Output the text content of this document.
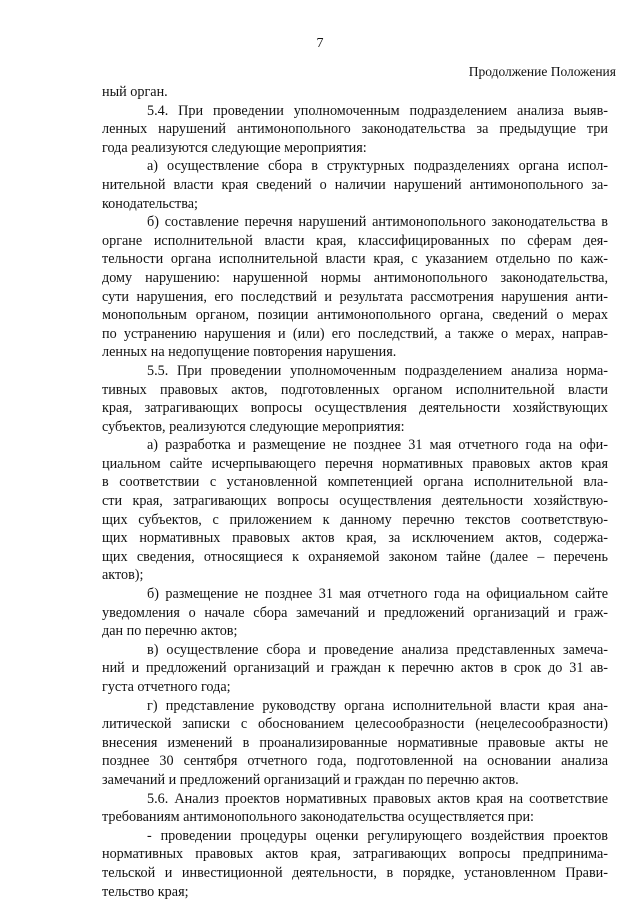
7
Продолжение Положения
ный орган.
5.4. При проведении уполномоченным подразделением анализа выяв-
ленных нарушений антимонопольного законодательства за предыдущие три
года реализуются следующие мероприятия:
а) осуществление сбора в структурных подразделениях органа испол-
нительной власти края сведений о наличии нарушений антимонопольного за-
конодательства;
б) составление перечня нарушений антимонопольного законодательства в
органе исполнительной власти края, классифицированных по сферам дея-
тельности органа исполнительной власти края, с указанием отдельно по каж-
дому нарушению: нарушенной нормы антимонопольного законодательства,
сути нарушения, его последствий и результата рассмотрения нарушения анти-
монопольным органом, позиции антимонопольного органа, сведений о мерах
по устранению нарушения и (или) его последствий, а также о мерах, направ-
ленных на недопущение повторения нарушения.
5.5. При проведении уполномоченным подразделением анализа норма-
тивных правовых актов, подготовленных органом исполнительной власти
края, затрагивающих вопросы осуществления деятельности хозяйствующих
субъектов, реализуются следующие мероприятия:
а) разработка и размещение не позднее 31 мая отчетного года на офи-
циальном сайте исчерпывающего перечня нормативных правовых актов края
в соответствии с установленной компетенцией органа исполнительной вла-
сти края, затрагивающих вопросы осуществления деятельности хозяйствую-
щих субъектов, с приложением к данному перечню текстов соответствую-
щих нормативных правовых актов края, за исключением актов, содержа-
щих сведения, относящиеся к охраняемой законом тайне (далее – перечень
актов);
б) размещение не позднее 31 мая отчетного года на официальном сайте
уведомления о начале сбора замечаний и предложений организаций и граж-
дан по перечню актов;
в) осуществление сбора и проведение анализа представленных замеча-
ний и предложений организаций и граждан к перечню актов в срок до 31 ав-
густа отчетного года;
г) представление руководству органа исполнительной власти края ана-
литической записки с обоснованием целесообразности (нецелесообразности)
внесения изменений в проанализированные нормативные правовые акты не
позднее 30 сентября отчетного года, подготовленной на основании анализа
замечаний и предложений организаций и граждан по перечню актов.
5.6. Анализ проектов нормативных правовых актов края на соответствие
требованиям антимонопольного законодательства осуществляется при:
- проведении процедуры оценки регулирующего воздействия проектов
нормативных правовых актов края, затрагивающих вопросы предпринима-
тельской и инвестиционной деятельности, в порядке, установленном Прави-
тельство края;
